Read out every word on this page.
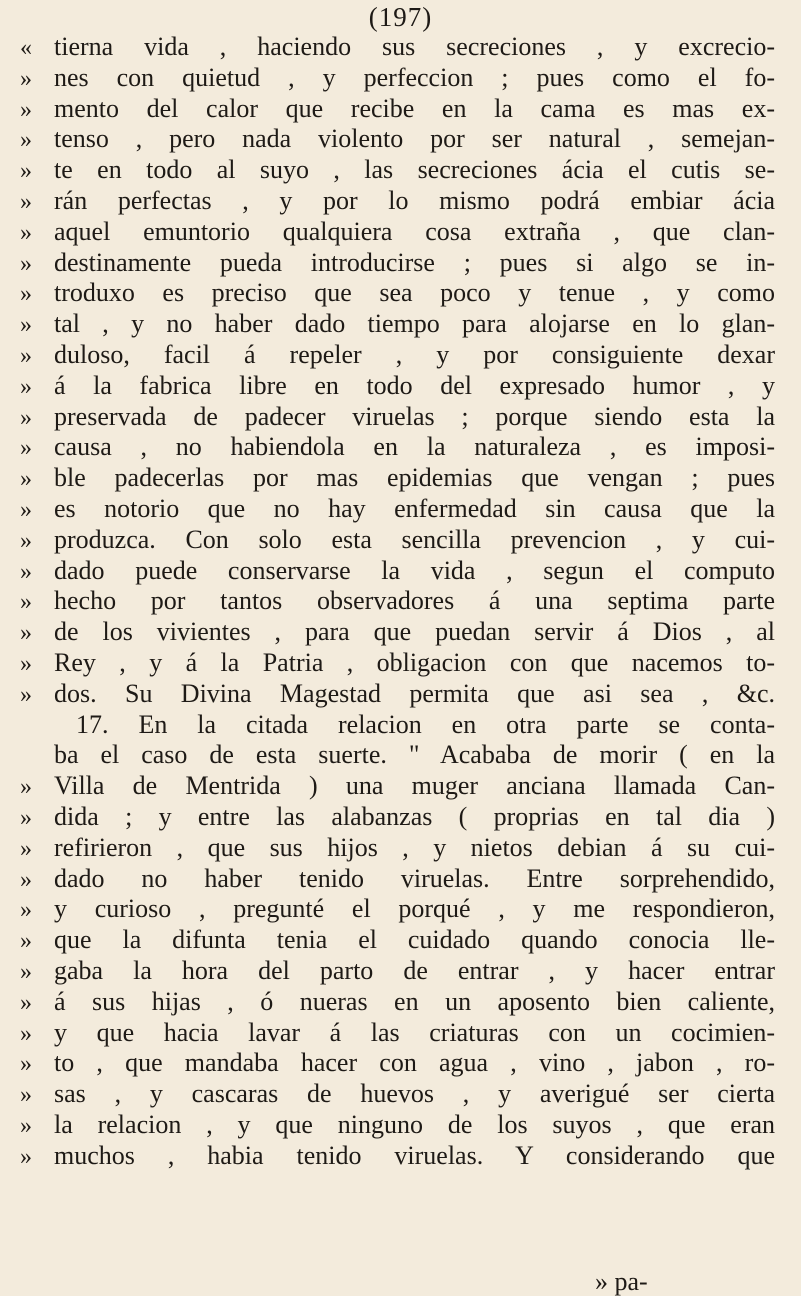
(197)
« tierna vida , haciendo sus secreciones , y excrecio-
» nes con quietud , y perfeccion ; pues como el fo-
» mento del calor que recibe en la cama es mas ex-
» tenso , pero nada violento por ser natural , semejan-
» te en todo al suyo , las secreciones ácia el cutis se-
» rán perfectas , y por lo mismo podrá embiar ácia
» aquel emuntorio qualquiera cosa extraña , que clan-
» destinamente pueda introducirse ; pues si algo se in-
» troduxo es preciso que sea poco y tenue , y como
» tal , y no haber dado tiempo para alojarse en lo glan-
» duloso, facil á repeler , y por consiguiente dexar
» á la fabrica libre en todo del expresado humor , y
» preservada de padecer viruelas ; porque siendo esta la
» causa , no habiendola en la naturaleza , es imposi-
» ble padecerlas por mas epidemias que vengan ; pues
» es notorio que no hay enfermedad sin causa que la
» produzca. Con solo esta sencilla prevencion , y cui-
» dado puede conservarse la vida , segun el computo
» hecho por tantos observadores á una septima parte
» de los vivientes , para que puedan servir á Dios , al
» Rey , y á la Patria , obligacion con que nacemos to-
» dos. Su Divina Magestad permita que asi sea , &c.
17. En la citada relacion en otra parte se conta-
ba el caso de esta suerte. " Acababa de morir ( en la
» Villa de Mentrida ) una muger anciana llamada Can-
» dida ; y entre las alabanzas ( proprias en tal dia )
» refirieron , que sus hijos , y nietos debian á su cui-
» dado no haber tenido viruelas. Entre sorprehendido,
» y curioso , pregunté el porqué , y me respondieron,
» que la difunta tenia el cuidado quando conocia lle-
» gaba la hora del parto de entrar , y hacer entrar
» á sus hijas , ó nueras en un aposento bien caliente,
» y que hacia lavar á las criaturas con un cocimien-
» to , que mandaba hacer con agua , vino , jabon , ro-
» sas , y cascaras de huevos , y averigué ser cierta
» la relacion , y que ninguno de los suyos , que eran
» muchos , habia tenido viruelas. Y considerando que
» pa-
